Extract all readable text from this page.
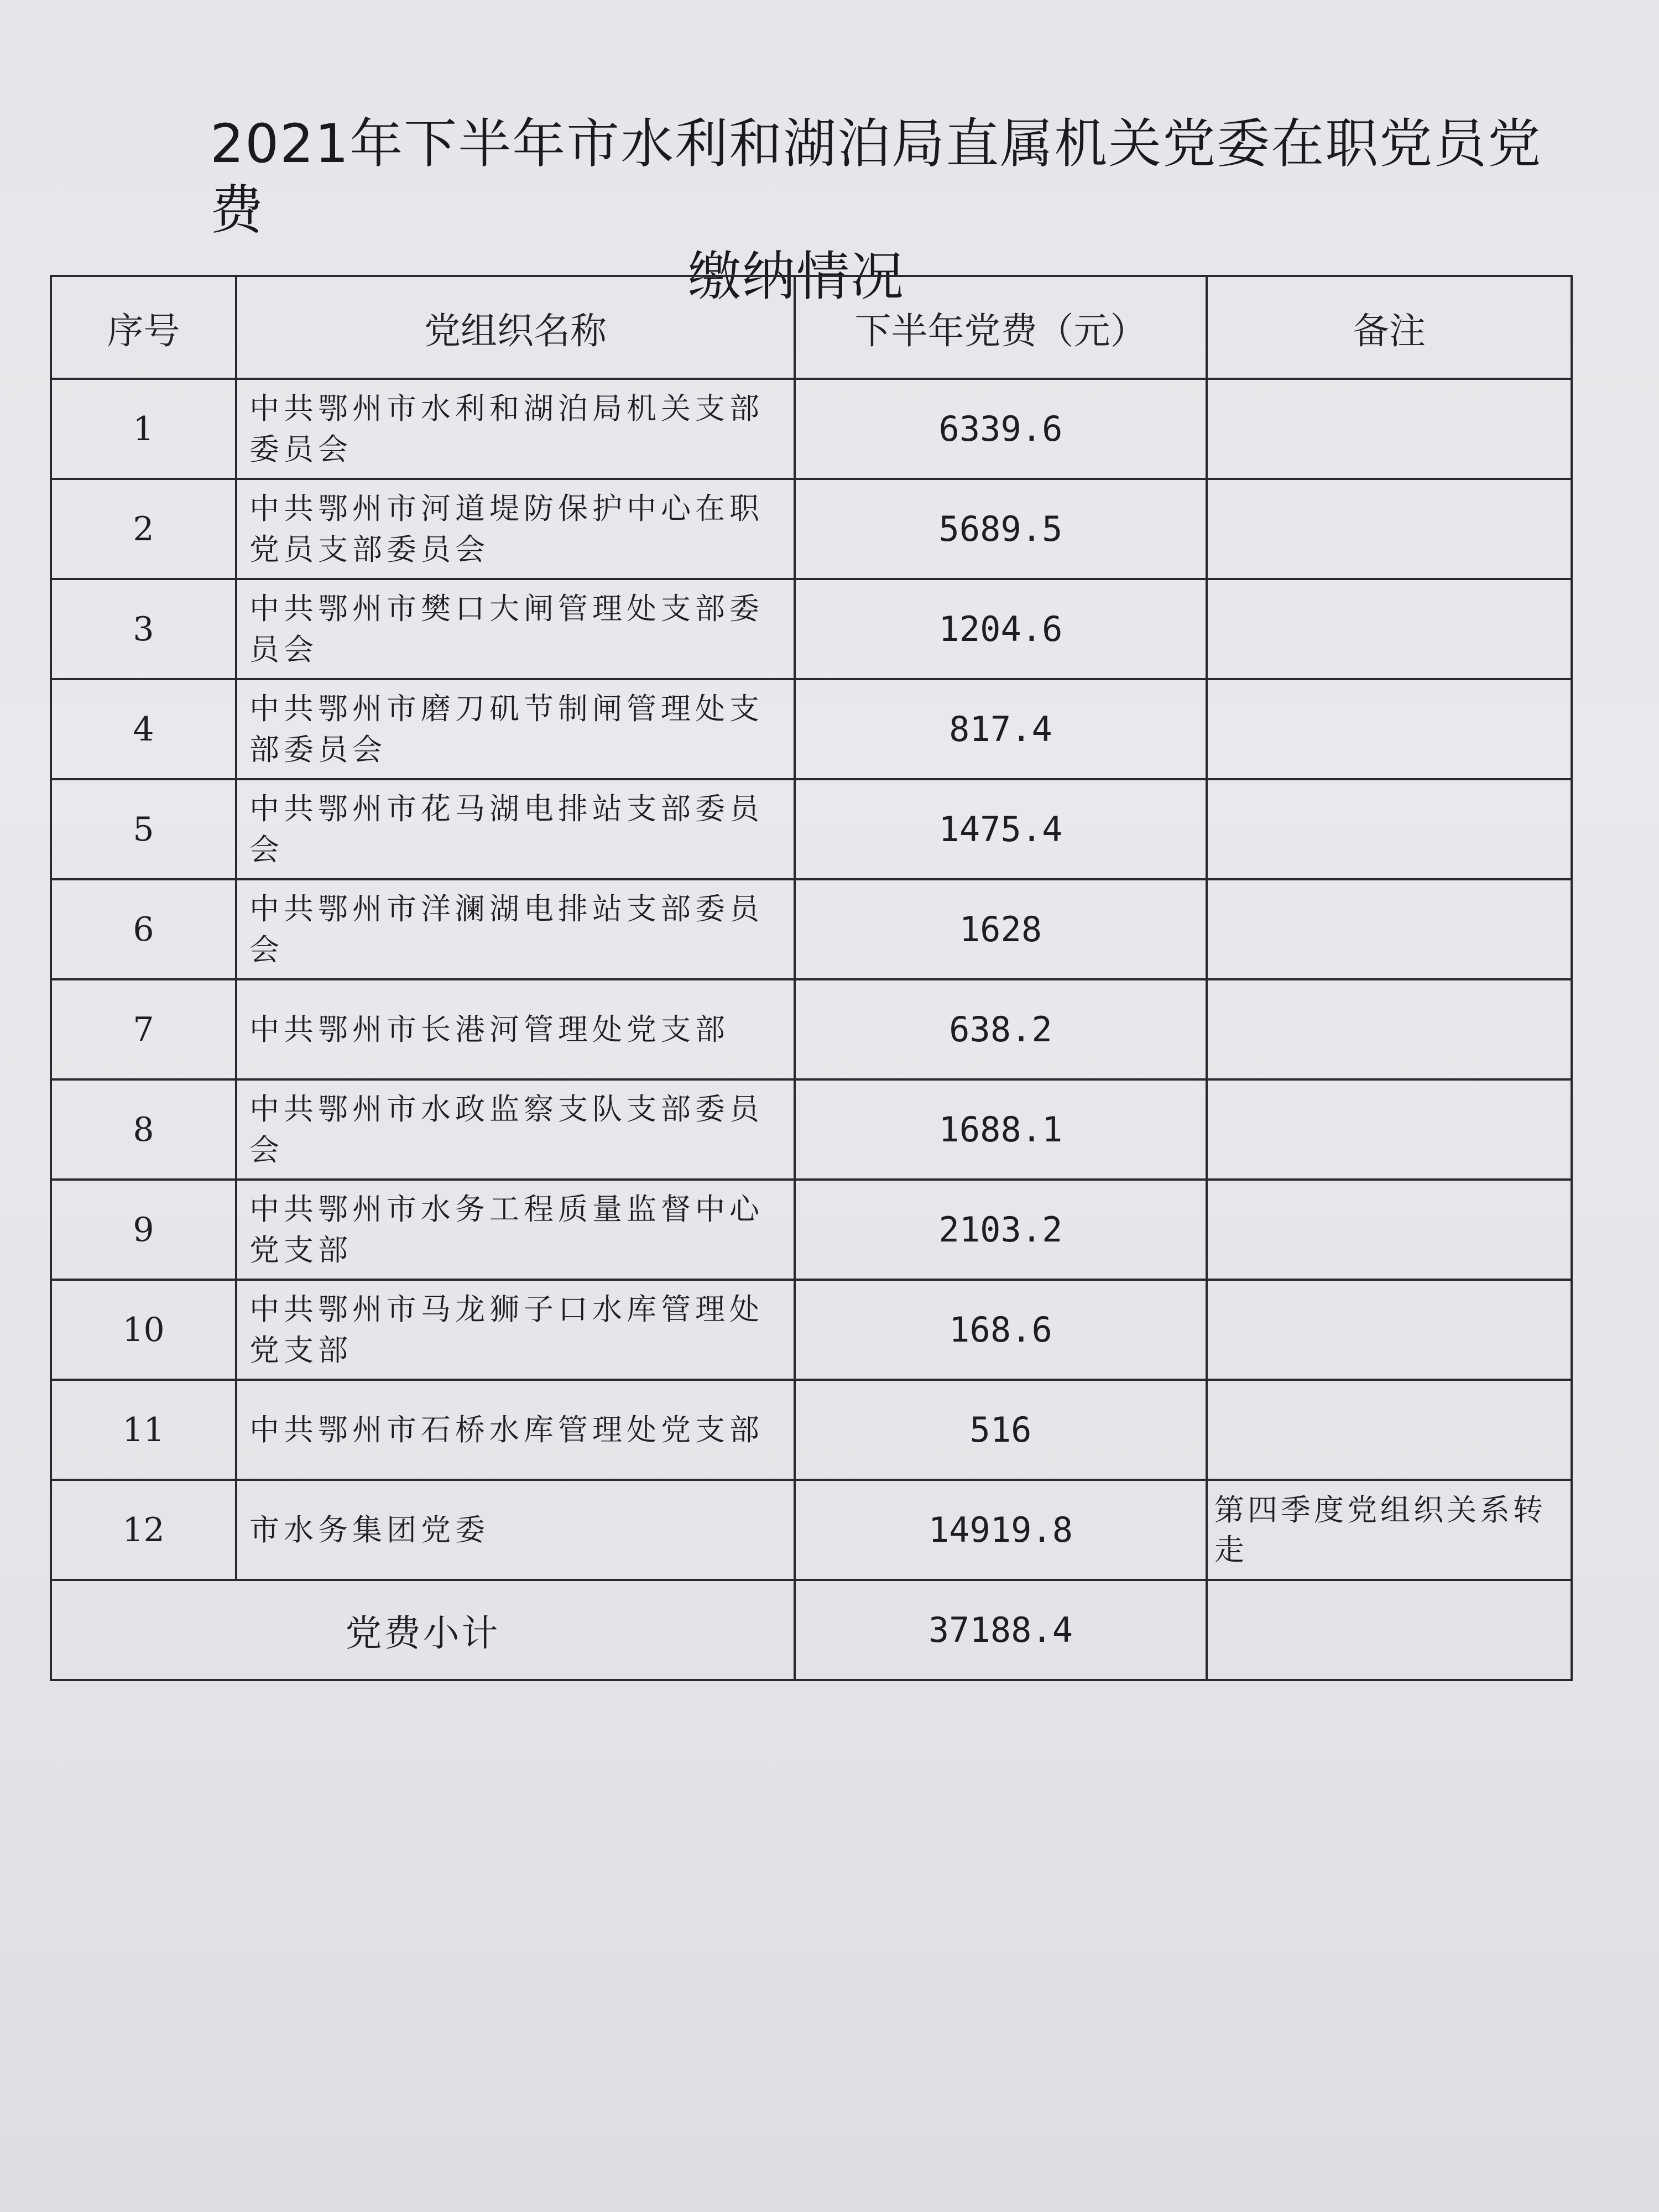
2021年下半年市水利和湖泊局直属机关党委在职党员党费
缴纳情况
序号	党组织名称	下半年党费（元）	备注
1	中共鄂州市水利和湖泊局机关支部委员会	6339.6	
2	中共鄂州市河道堤防保护中心在职党员支部委员会	5689.5	
3	中共鄂州市樊口大闸管理处支部委员会	1204.6	
4	中共鄂州市磨刀矶节制闸管理处支部委员会	817.4	
5	中共鄂州市花马湖电排站支部委员会	1475.4	
6	中共鄂州市洋澜湖电排站支部委员会	1628	
7	中共鄂州市长港河管理处党支部	638.2	
8	中共鄂州市水政监察支队支部委员会	1688.1	
9	中共鄂州市水务工程质量监督中心党支部	2103.2	
10	中共鄂州市马龙狮子口水库管理处党支部	168.6	
11	中共鄂州市石桥水库管理处党支部	516	
12	市水务集团党委	14919.8	第四季度党组织关系转走
党费小计		37188.4	
